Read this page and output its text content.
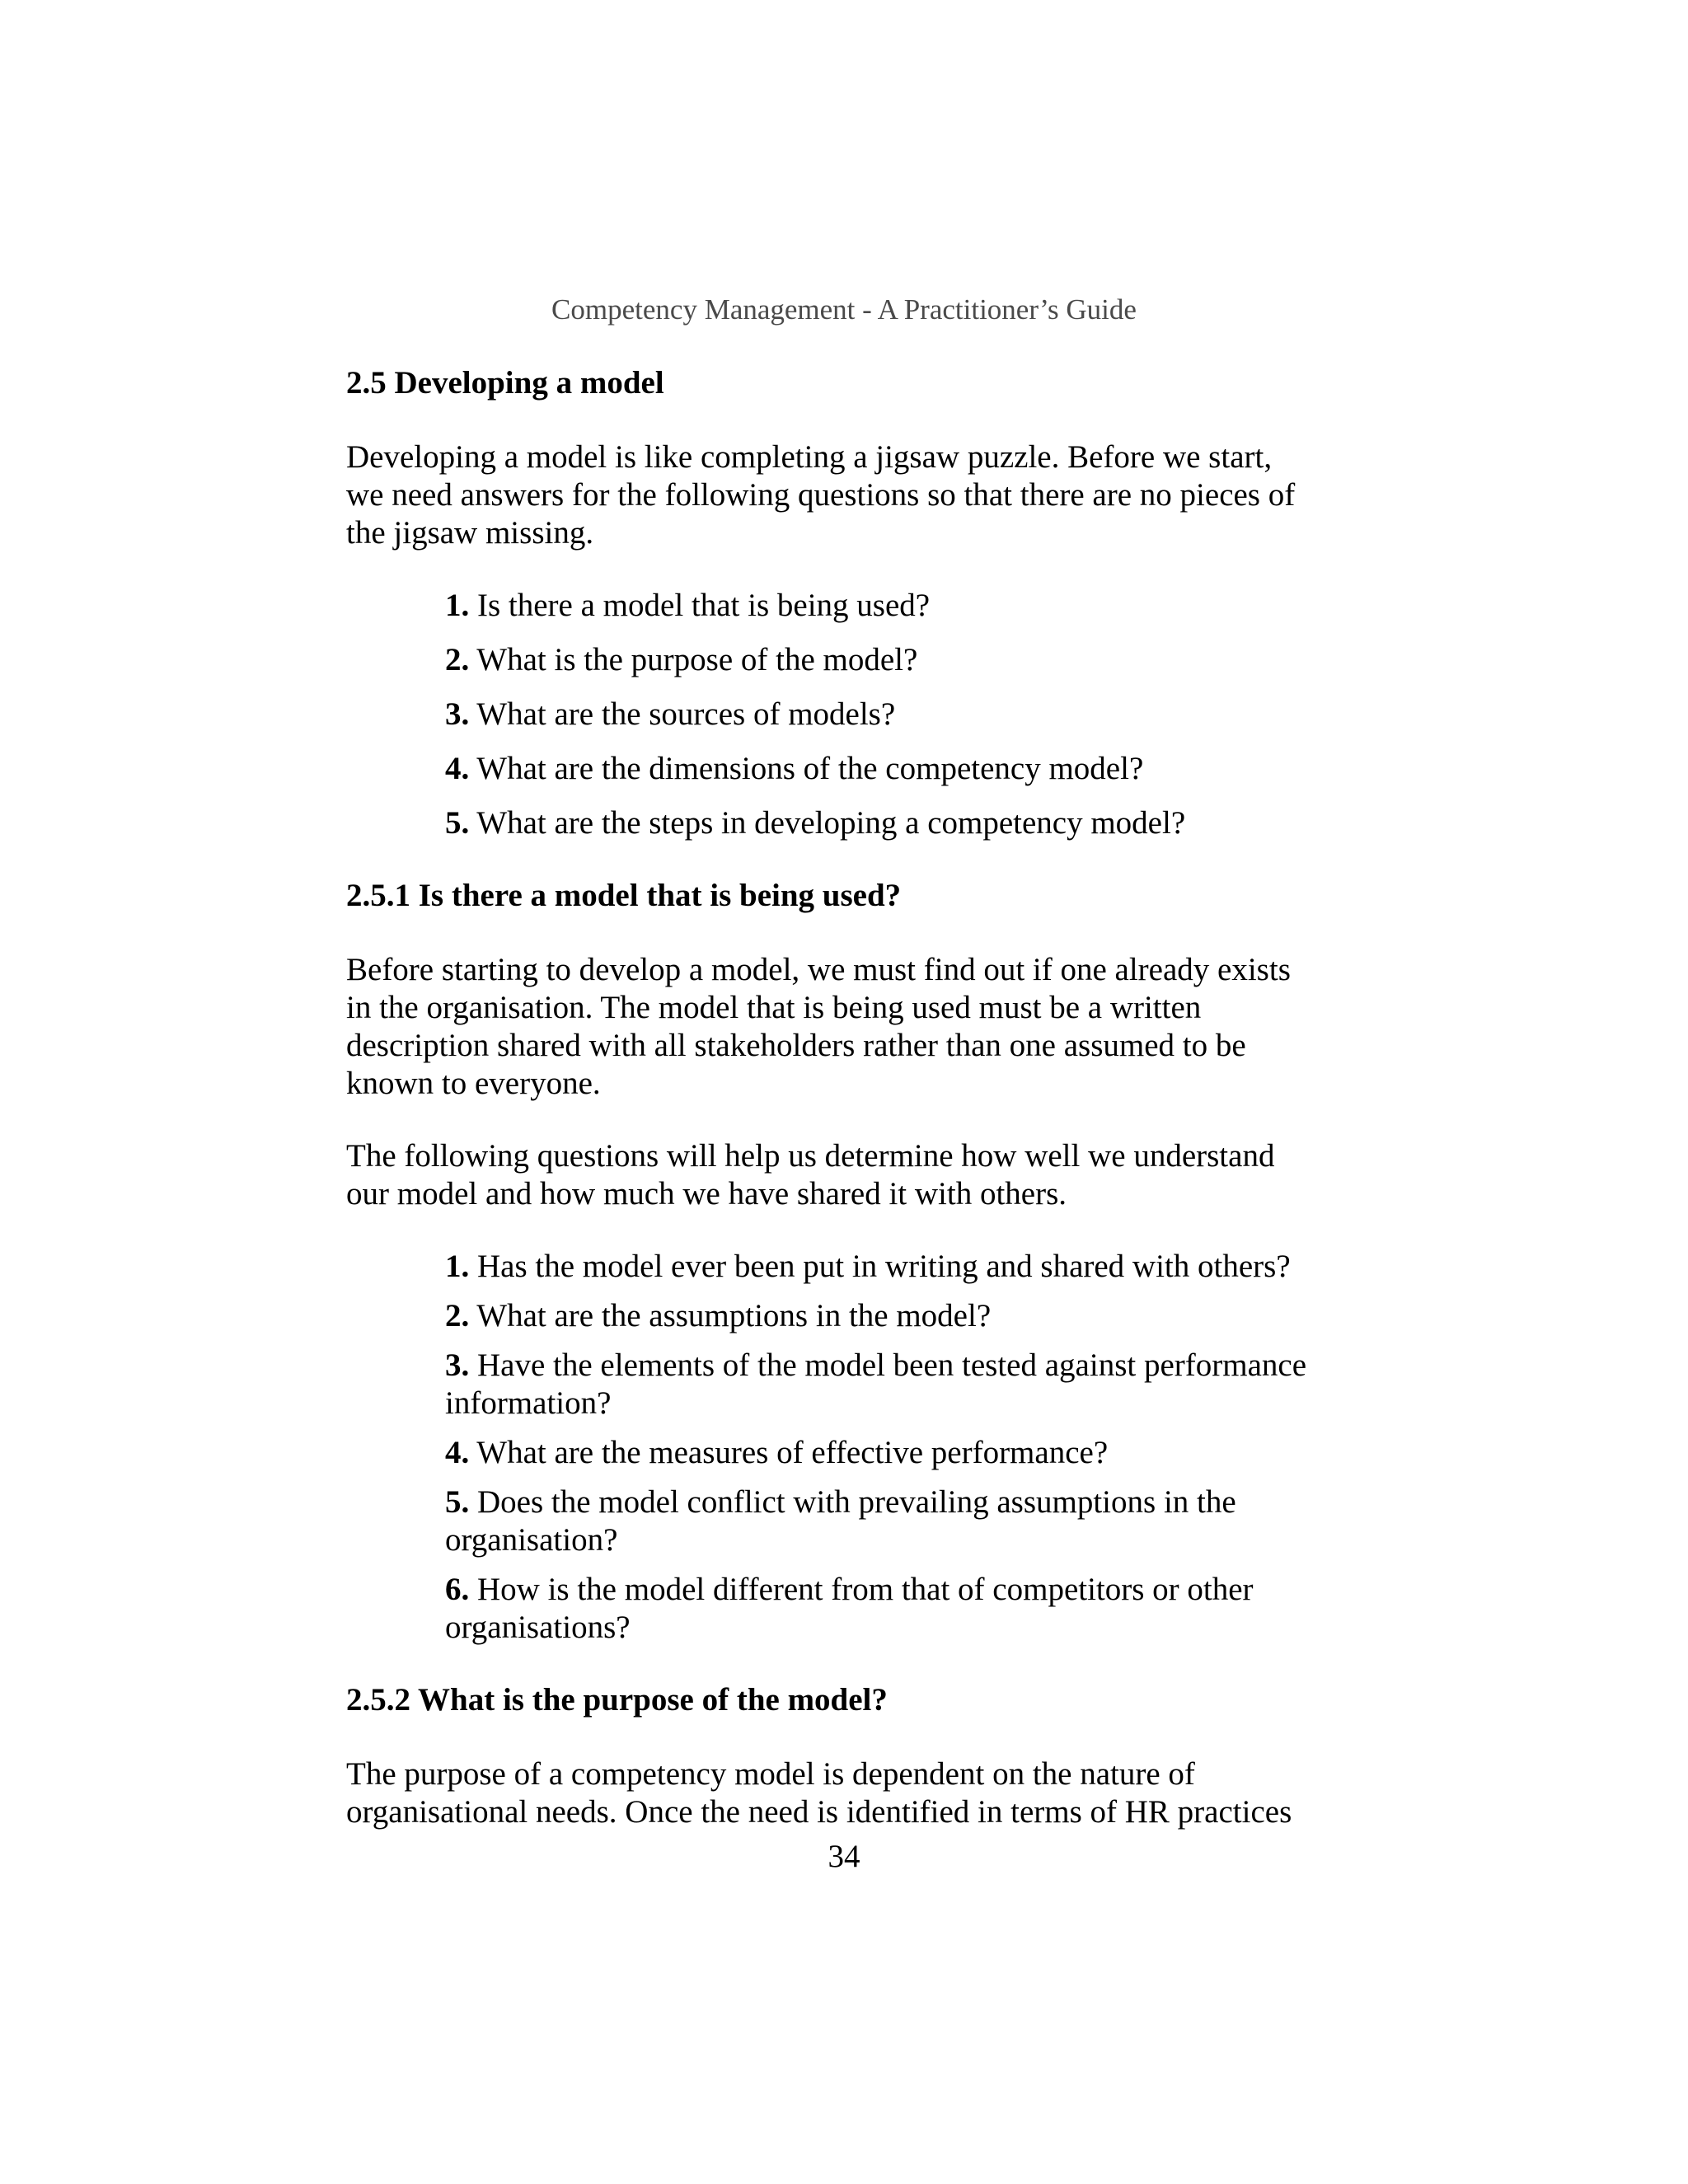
Competency Management - A Practitioner’s Guide
2.5 Developing a model

Developing a model is like completing a jigsaw puzzle. Before we start,
we need answers for the following questions so that there are no pieces of
the jigsaw missing.

1. Is there a model that is being used?
2. What is the purpose of the model?
3. What are the sources of models?
4. What are the dimensions of the competency model?
5. What are the steps in developing a competency model?
2.5.1 Is there a model that is being used?

Before starting to develop a model, we must find out if one already exists
in the organisation. The model that is being used must be a written
description shared with all stakeholders rather than one assumed to be
known to everyone.

The following questions will help us determine how well we understand
our model and how much we have shared it with others.

1. Has the model ever been put in writing and shared with others?
2. What are the assumptions in the model?
3. Have the elements of the model been tested against performance information?
4. What are the measures of effective performance?
5. Does the model conflict with prevailing assumptions in the organisation?
6. How is the model different from that of competitors or other organisations?
2.5.2 What is the purpose of the model?

The purpose of a competency model is dependent on the nature of
organisational needs. Once the need is identified in terms of HR practices

34
